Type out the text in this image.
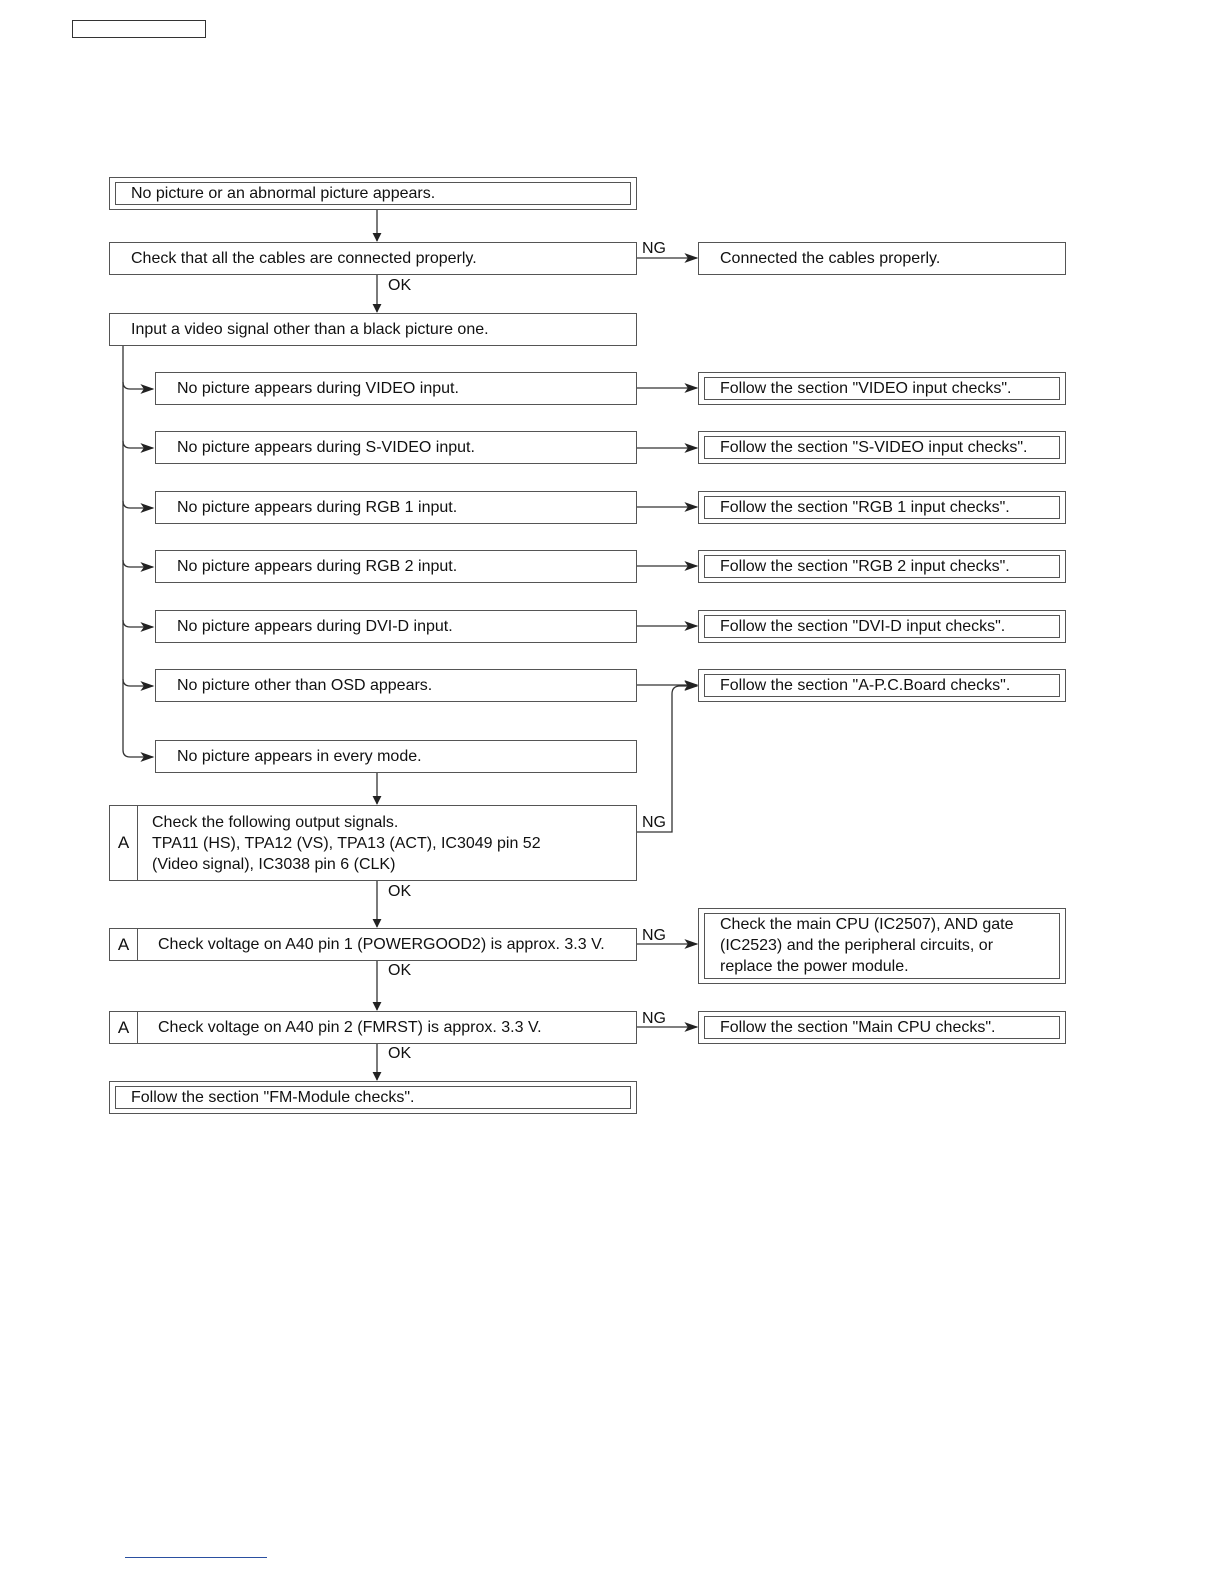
NG
OK
NG
OK
NG
OK
NG
OK
No picture or an abnormal picture appears.
Check that all the cables are connected properly.	Connected the cables properly.
Input a video signal other than a black picture one.
No picture appears during VIDEO input.
No picture appears during S-VIDEO input.
No picture appears during RGB 1 input.
No picture appears during RGB 2 input.
No picture appears during DVI-D input.
No picture other than OSD appears.
No picture appears in every mode.
Follow the section "VIDEO input checks".
Follow the section "S-VIDEO input checks".
Follow the section "RGB 1 input checks".
Follow the section "RGB 2 input checks".
Follow the section "DVI-D input checks".
Follow the section "A-P.C.Board checks".
A
Check the following output signals.
TPA11 (HS), TPA12 (VS), TPA13 (ACT), IC3049 pin 52
(Video signal), IC3038 pin 6 (CLK)
A	Check voltage on A40 pin 1 (POWERGOOD2) is approx. 3.3 V.
Check the main CPU (IC2507), AND gate
(IC2523) and the peripheral circuits, or
replace the power module.
A	Check voltage on A40 pin 2 (FMRST) is approx. 3.3 V.	Follow the section "Main CPU checks".
Follow the section "FM-Module checks".
